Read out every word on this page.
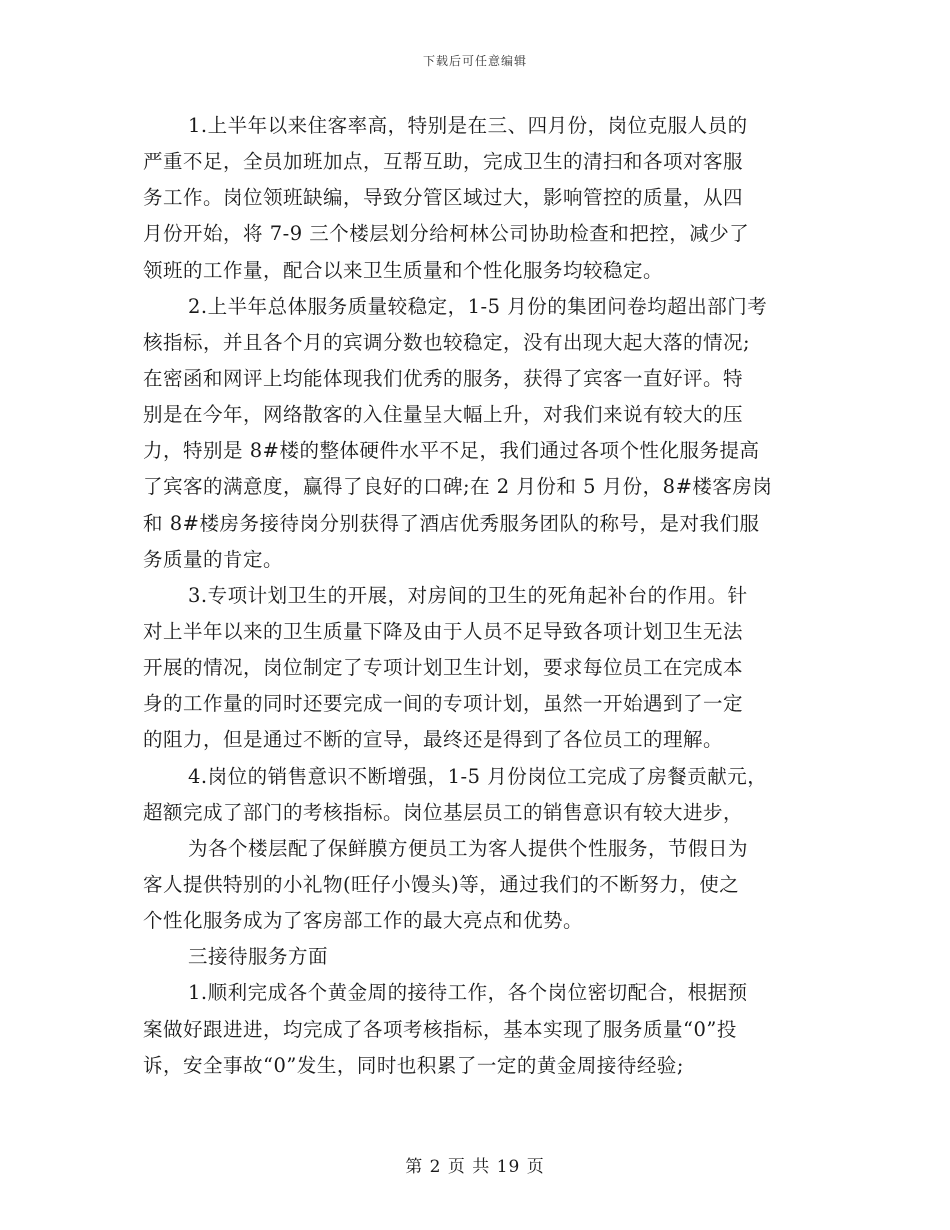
下载后可任意编辑
1.上半年以来住客率高，特别是在三、四月份，岗位克服人员的
严重不足，全员加班加点，互帮互助，完成卫生的清扫和各项对客服
务工作。岗位领班缺编，导致分管区域过大，影响管控的质量，从四
月份开始，将 7-9 三个楼层划分给柯林公司协助检查和把控，减少了
领班的工作量，配合以来卫生质量和个性化服务均较稳定。
2.上半年总体服务质量较稳定，1-5 月份的集团问卷均超出部门考
核指标，并且各个月的宾调分数也较稳定，没有出现大起大落的情况;
在密函和网评上均能体现我们优秀的服务，获得了宾客一直好评。特
别是在今年，网络散客的入住量呈大幅上升，对我们来说有较大的压
力，特别是 8#楼的整体硬件水平不足，我们通过各项个性化服务提高
了宾客的满意度，赢得了良好的口碑;在 2 月份和 5 月份，8#楼客房岗
和 8#楼房务接待岗分别获得了酒店优秀服务团队的称号，是对我们服
务质量的肯定。
3.专项计划卫生的开展，对房间的卫生的死角起补台的作用。针
对上半年以来的卫生质量下降及由于人员不足导致各项计划卫生无法
开展的情况，岗位制定了专项计划卫生计划，要求每位员工在完成本
身的工作量的同时还要完成一间的专项计划，虽然一开始遇到了一定
的阻力，但是通过不断的宣导，最终还是得到了各位员工的理解。
4.岗位的销售意识不断增强，1-5 月份岗位工完成了房餐贡献元，
超额完成了部门的考核指标。岗位基层员工的销售意识有较大进步，
为各个楼层配了保鲜膜方便员工为客人提供个性服务，节假日为
客人提供特别的小礼物(旺仔小馒头)等，通过我们的不断努力，使之
个性化服务成为了客房部工作的最大亮点和优势。
三接待服务方面
1.顺利完成各个黄金周的接待工作，各个岗位密切配合，根据预
案做好跟进进，均完成了各项考核指标，基本实现了服务质量“0”投
诉，安全事故“0”发生，同时也积累了一定的黄金周接待经验;
第 2 页 共 19 页
